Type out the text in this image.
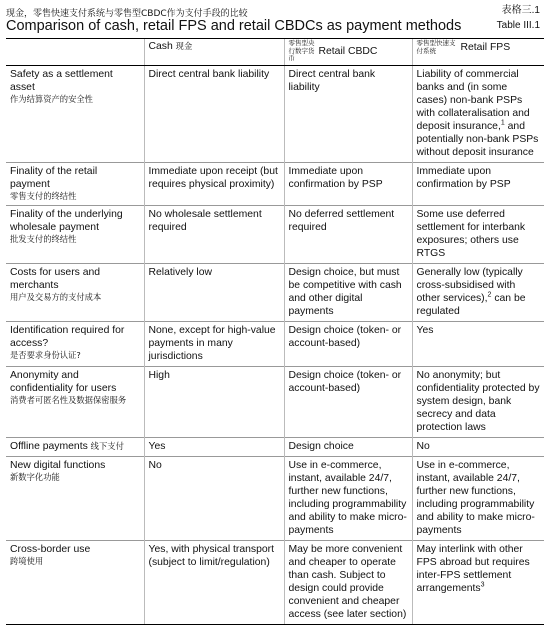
现金，零售快速支付系统与零售型CBDC作为支付手段的比较	表格三.1
Comparison of cash, retail FPS and retail CBDCs as payment methods	Table III.1
	Cash 现金	零售型央行数字货币Retail CBDC	零售型快速支付系统 Retail FPS

Safety as a settlement asset
作为结算资产的安全性	Direct central bank liability	Direct central bank liability	Liability of commercial banks and (in some cases) non-bank PSPs with collateralisation and deposit insurance,$^1$ and potentially non-bank PSPs without deposit insurance

Finality of the retail payment
零售支付的终结性	Immediate upon receipt (but requires physical proximity)	Immediate upon confirmation by PSP	Immediate upon confirmation by PSP

Finality of the underlying wholesale payment
批发支付的终结性	No wholesale settlement required	No deferred settlement required	Some use deferred settlement for interbank exposures; others use RTGS

Costs for users and merchants
用户及交易方的支付成本	Relatively low	Design choice, but must be competitive with cash and other digital payments	Generally low (typically cross-subsidised with other services),$^2$ can be regulated

Identification required for access?
是否要求身份认证?	None, except for high-value payments in many jurisdictions	Design choice (token- or account-based)	Yes

Anonymity and confidentiality for users
消费者可匿名性及数据保密服务	High	Design choice (token- or account-based)	No anonymity; but confidentiality protected by system design, bank secrecy and data protection laws
Offline payments 线下支付	Yes	Design choice	No

New digital functions
新数字化功能	No	Use in e-commerce, instant, available 24/7, further new functions, including programmability and ability to make micro-payments	Use in e-commerce, instant, available 24/7, further new functions, including programmability and ability to make micro-payments

Cross-border use
跨境使用	Yes, with physical transport (subject to limit/regulation)	May be more convenient and cheaper to operate than cash. Subject to design could provide convenient and cheaper access (see later section)	May interlink with other FPS abroad but requires inter-FPS settlement arrangements$^3$
